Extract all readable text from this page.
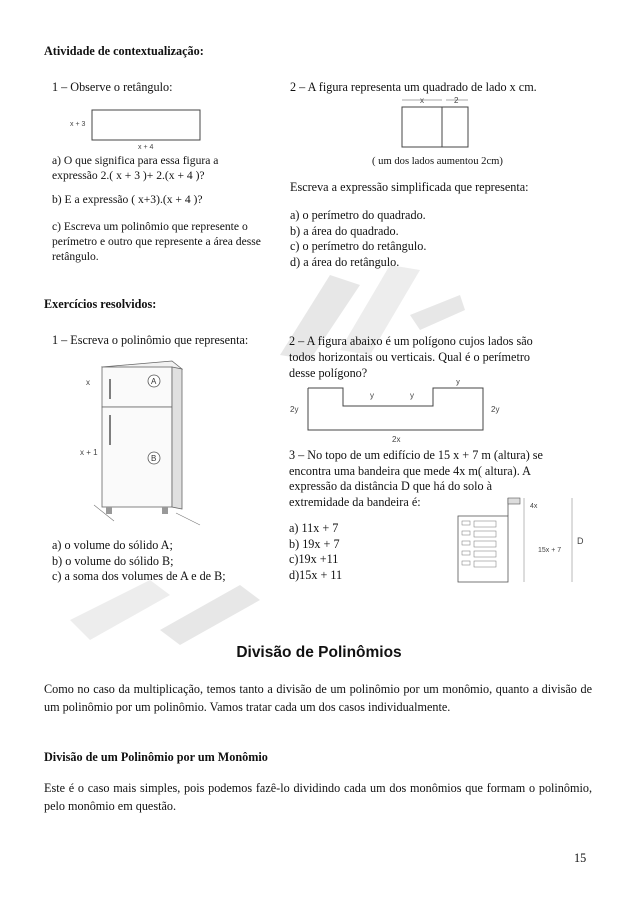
Atividade de contextualização:
1 – Observe o retângulo:
x + 3
x + 4
a) O que significa para essa figura a
expressão 2.( x + 3 )+ 2.(x + 4 )?
b) E a expressão ( x+3).(x + 4 )?
c) Escreva um polinômio que represente o
perímetro e outro que represente a área desse
retângulo.
2 – A figura representa um quadrado de lado x cm.
x	2
( um dos lados aumentou 2cm)
Escreva a expressão simplificada que representa:
a) o perímetro do quadrado.
b) a área do quadrado.
c) o perímetro do retângulo.
d) a área do retângulo.
Exercícios resolvidos:
1 – Escreva o polinômio que representa:
x
x + 1
A
B
a) o volume do sólido A;
b) o volume do sólido B;
c) a soma dos volumes de A e de B;
2 – A figura abaixo é um polígono cujos lados são
todos horizontais ou verticais. Qual é o perímetro
desse polígono?
2y
y	y
y
2y
2x
3 – No topo de um edifício de 15 x + 7 m (altura) se
encontra uma bandeira que mede 4x m( altura). A
expressão da distância D que há do solo à
extremidade da bandeira é:
a) 11x + 7
b) 19x + 7
c)19x +11
d)15x + 11
4x
15x + 7
D
Divisão de Polinômios
Como no caso da multiplicação, temos tanto a divisão de um polinômio por um monômio, quanto a divisão de um polinômio por um polinômio. Vamos tratar cada um dos casos individualmente.
Divisão de um Polinômio por um Monômio
Este é o caso mais simples, pois podemos fazê-lo dividindo cada um dos monômios que formam o polinômio, pelo monômio em questão.
15
